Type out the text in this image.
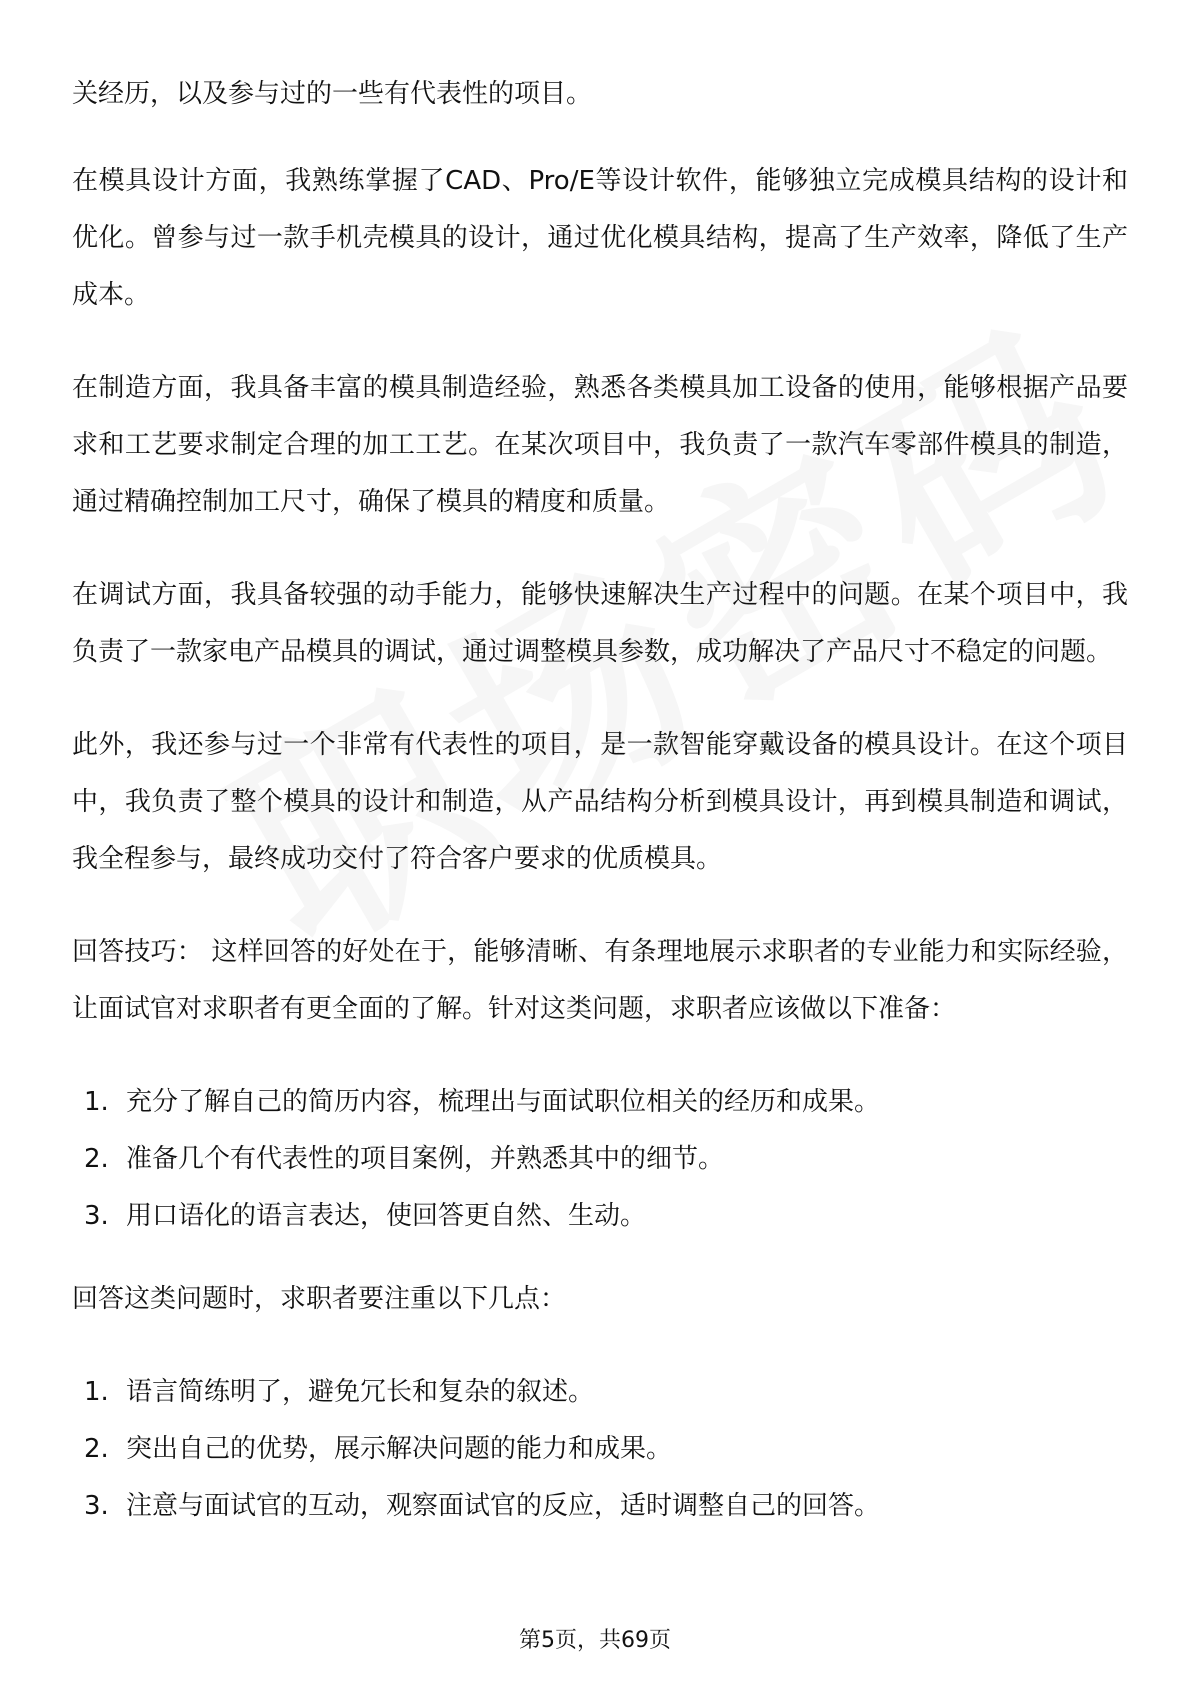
关经历，以及参与过的一些有代表性的项目。

在模具设计方面，我熟练掌握了CAD、Pro/E等设计软件，能够独立完成模具结构的设计和优化。曾参与过一款手机壳模具的设计，通过优化模具结构，提高了生产效率，降低了生产成本。

在制造方面，我具备丰富的模具制造经验，熟悉各类模具加工设备的使用，能够根据产品要求和工艺要求制定合理的加工工艺。在某次项目中，我负责了一款汽车零部件模具的制造，通过精确控制加工尺寸，确保了模具的精度和质量。

在调试方面，我具备较强的动手能力，能够快速解决生产过程中的问题。在某个项目中，我负责了一款家电产品模具的调试，通过调整模具参数，成功解决了产品尺寸不稳定的问题。

此外，我还参与过一个非常有代表性的项目，是一款智能穿戴设备的模具设计。在这个项目中，我负责了整个模具的设计和制造，从产品结构分析到模具设计，再到模具制造和调试，我全程参与，最终成功交付了符合客户要求的优质模具。

回答技巧： 这样回答的好处在于，能够清晰、有条理地展示求职者的专业能力和实际经验，让面试官对求职者有更全面的了解。针对这类问题，求职者应该做以下准备：

1. 充分了解自己的简历内容，梳理出与面试职位相关的经历和成果。
2. 准备几个有代表性的项目案例，并熟悉其中的细节。
3. 用口语化的语言表达，使回答更自然、生动。

回答这类问题时，求职者要注重以下几点：

1. 语言简练明了，避免冗长和复杂的叙述。
2. 突出自己的优势，展示解决问题的能力和成果。
3. 注意与面试官的互动，观察面试官的反应，适时调整自己的回答。
第5页，共69页
